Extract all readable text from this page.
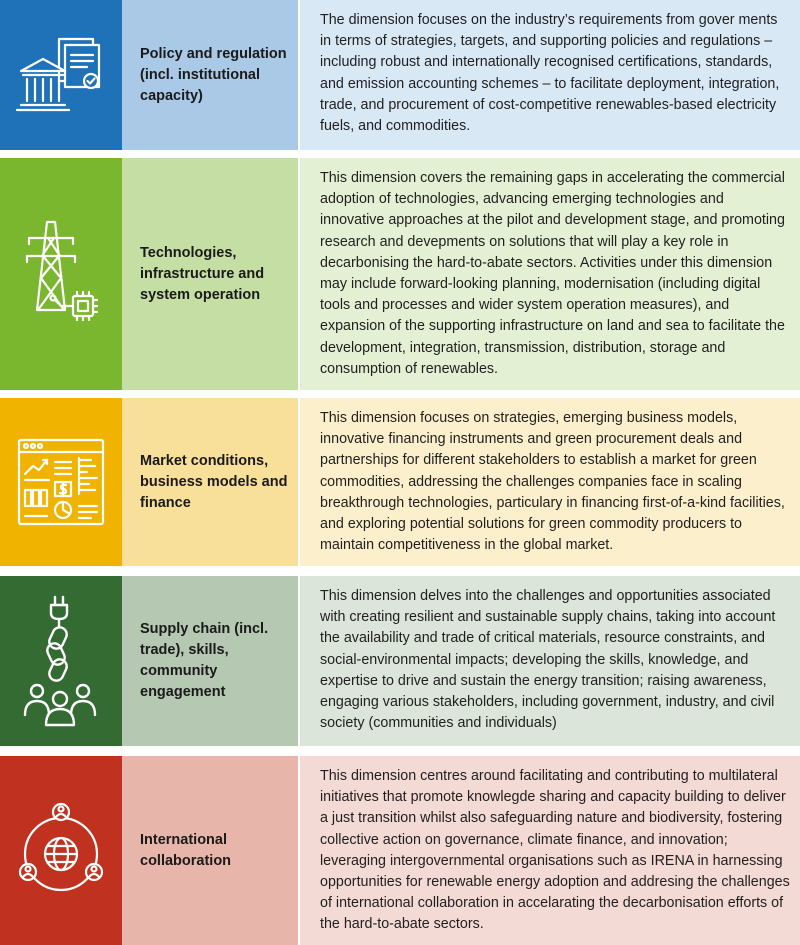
Policy and regulation (incl. institutional capacity)

The dimension focuses on the industry’s requirements from gover ments in terms of strategies, targets, and supporting policies and regulations – including robust and internationally recognised certifications, standards, and emission accounting schemes – to facilitate deployment, integration, trade, and procurement of cost-competitive renewables-based electricity fuels, and commodities.

Technologies, infrastructure and system operation

This dimension covers the remaining gaps in accelerating the commercial adoption of technologies, advancing emerging technologies and innovative approaches at the pilot and development stage, and promoting research and devepments on solutions that will play a key role in decarbonising the hard-to-abate sectors. Activities under this dimension may include forward-looking planning, modernisation (including digital tools and processes and wider system operation measures), and expansion of the supporting infrastructure on land and sea to facilitate the development, integration, transmission, distribution, storage and consumption of renewables.

Market conditions, business models and finance

This dimension focuses on strategies, emerging business models, innovative financing instruments and green procurement deals and partnerships for different stakeholders to establish a market for green commodities, addressing the challenges companies face in scaling breakthrough technologies, particulary in financing first-of-a-kind facilities, and exploring potential solutions for green commodity producers to maintain competitiveness in the global market.

Supply chain (incl. trade), skills, community engagement

This dimension delves into the challenges and opportunities associated with creating resilient and sustainable supply chains, taking into account the availability and trade of critical materials, resource constraints, and social-environmental impacts; developing the skills, knowledge, and expertise to drive and sustain the energy transition; raising awareness, engaging various stakeholders, including government, industry, and civil society (communities and individuals)

International collaboration

This dimension centres around facilitating and contributing to multilateral initiatives that promote knowlegde sharing and capacity building to deliver a just transition whilst also safeguarding nature and biodiversity, fostering collective action on governance, climate finance, and innovation; leveraging intergovernmental organisations such as IRENA in harnessing opportunities for renewable energy adoption and addresing the challenges of international collaboration in accelarating the decarbonisation efforts of the hard-to-abate sectors.
